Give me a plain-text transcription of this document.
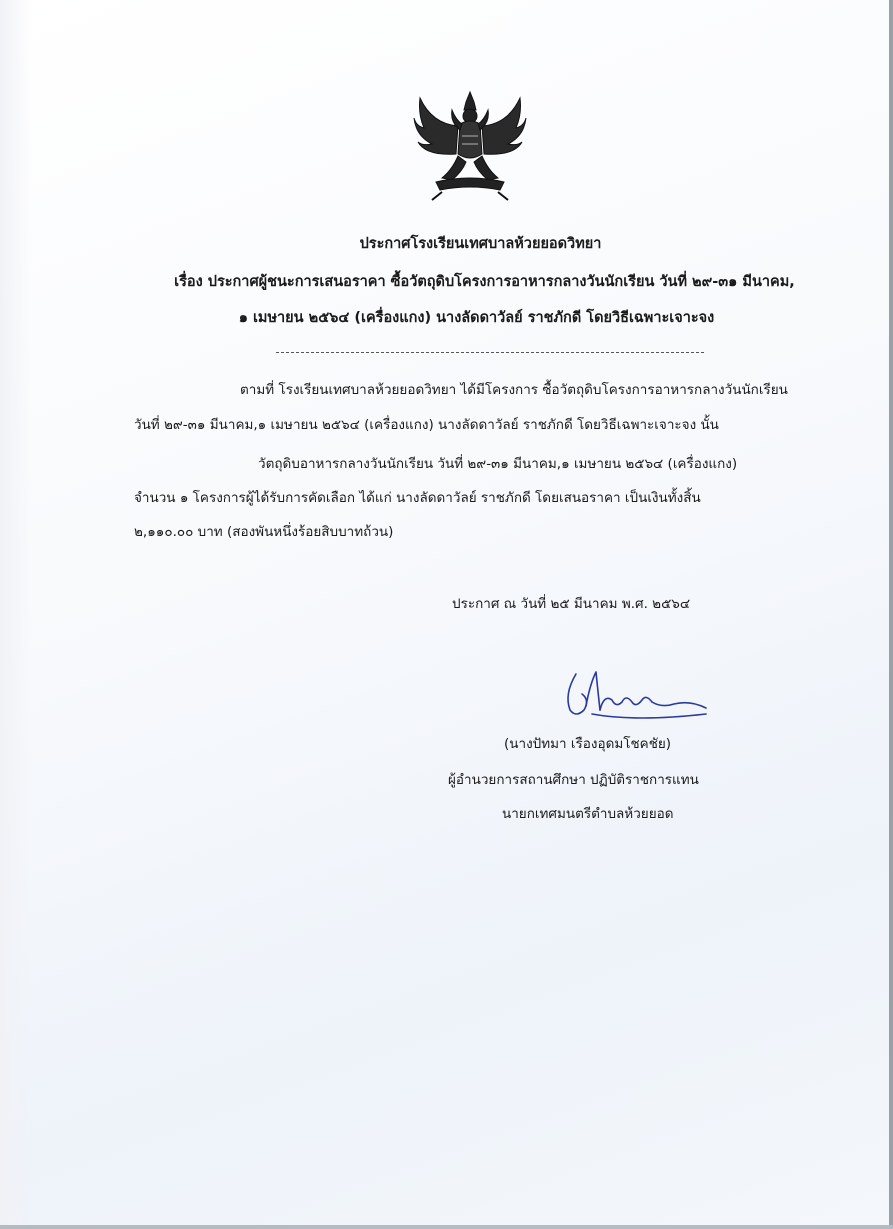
ประกาศโรงเรียนเทศบาลห้วยยอดวิทยา
เรื่อง ประกาศผู้ชนะการเสนอราคา ซื้อวัตถุดิบโครงการอาหารกลางวันนักเรียน วันที่ ๒๙-๓๑ มีนาคม,
๑ เมษายน ๒๕๖๔ (เครื่องแกง) นางลัดดาวัลย์ ราชภักดี โดยวิธีเฉพาะเจาะจง
ตามที่ โรงเรียนเทศบาลห้วยยอดวิทยา ได้มีโครงการ ซื้อวัตถุดิบโครงการอาหารกลางวันนักเรียน
วันที่ ๒๙-๓๑ มีนาคม,๑ เมษายน ๒๕๖๔ (เครื่องแกง) นางลัดดาวัลย์ ราชภักดี โดยวิธีเฉพาะเจาะจง นั้น
วัตถุดิบอาหารกลางวันนักเรียน วันที่ ๒๙-๓๑ มีนาคม,๑ เมษายน ๒๕๖๔ (เครื่องแกง)
จำนวน ๑ โครงการผู้ได้รับการคัดเลือก ได้แก่ นางลัดดาวัลย์ ราชภักดี โดยเสนอราคา เป็นเงินทั้งสิ้น
๒,๑๑๐.๐๐ บาท (สองพันหนึ่งร้อยสิบบาทถ้วน)
ประกาศ ณ วันที่ ๒๕ มีนาคม พ.ศ. ๒๕๖๔
(นางปัทมา เรืองอุดมโชคชัย)
ผู้อำนวยการสถานศึกษา ปฏิบัติราชการแทน
นายกเทศมนตรีตำบลห้วยยอด
